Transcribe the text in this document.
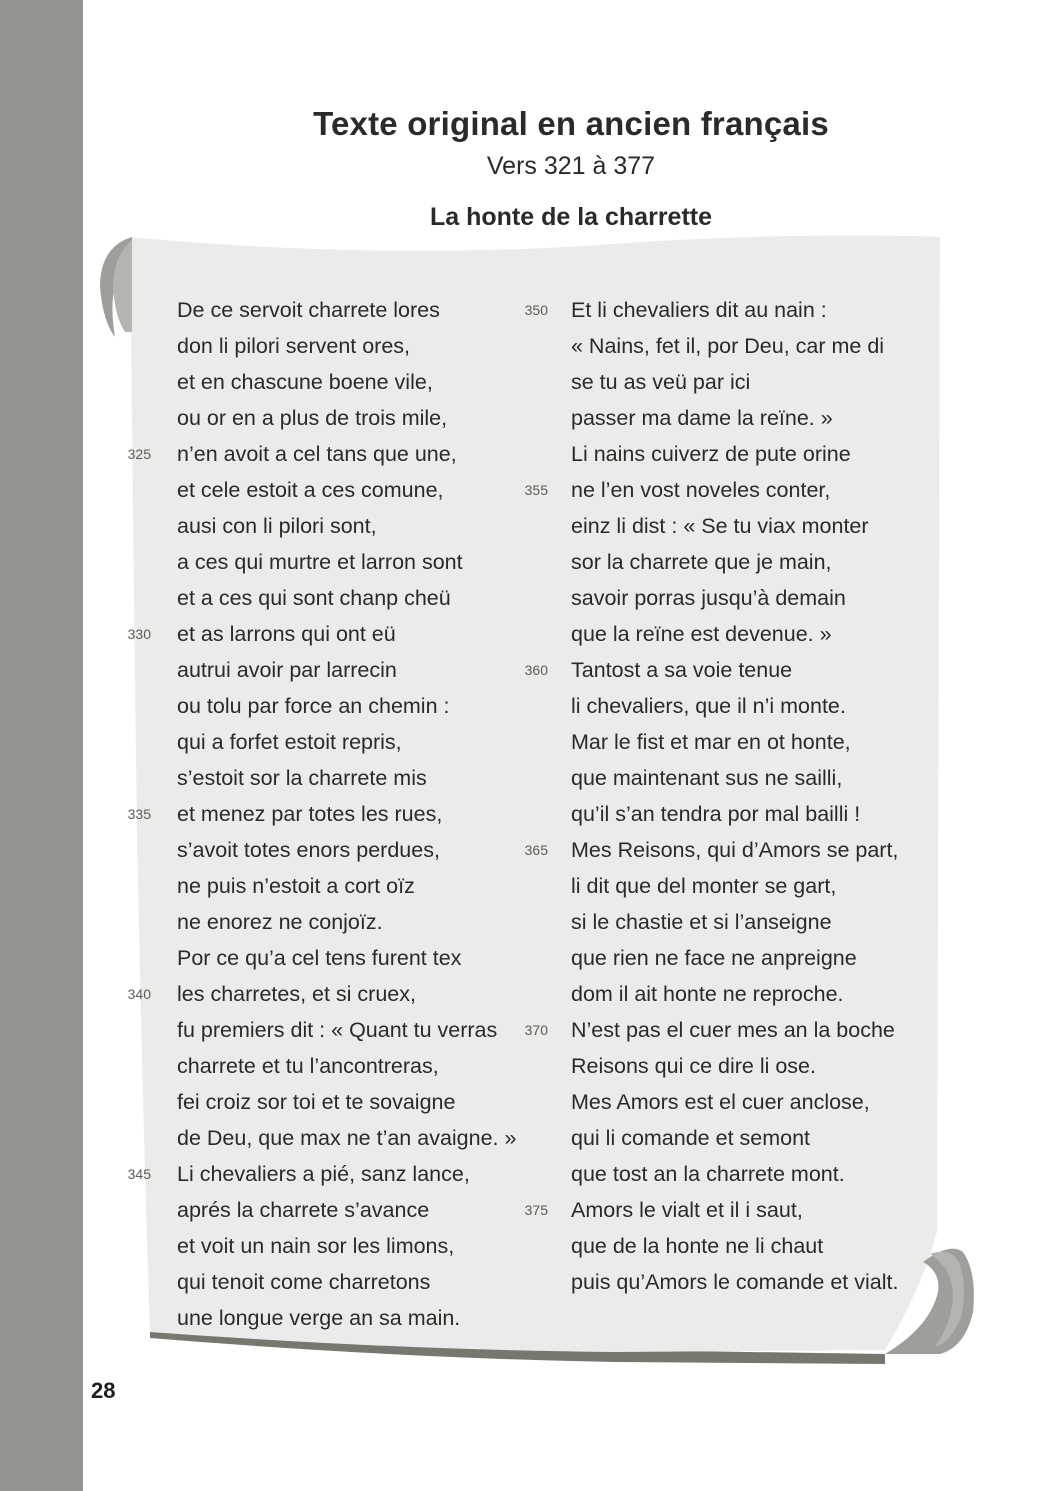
Texte original en ancien français
Vers 321 à 377
La honte de la charrette
De ce servoit charrete lores
don li pilori servent ores,
et en chascune boene vile,
ou or en a plus de trois mile,
325 n’en avoit a cel tans que une,
et cele estoit a ces comune,
ausi con li pilori sont,
a ces qui murtre et larron sont
et a ces qui sont chanp cheü
330 et as larrons qui ont eü
autrui avoir par larrecin
ou tolu par force an chemin :
qui a forfet estoit repris,
s’estoit sor la charrete mis
335 et menez par totes les rues,
s’avoit totes enors perdues,
ne puis n’estoit a cort oïz
ne enorez ne conjoïz.
Por ce qu’a cel tens furent tex
340 les charretes, et si cruex,
fu premiers dit : « Quant tu verras
charrete et tu l’ancontreras,
fei croiz sor toi et te sovaigne
de Deu, que max ne t’an avaigne. »
345 Li chevaliers a pié, sanz lance,
aprés la charrete s’avance
et voit un nain sor les limons,
qui tenoit come charretons
une longue verge an sa main.
350 Et li chevaliers dit au nain :
« Nains, fet il, por Deu, car me di
se tu as veü par ici
passer ma dame la reïne. »
Li nains cuiverz de pute orine
355 ne l’en vost noveles conter,
einz li dist : « Se tu viax monter
sor la charrete que je main,
savoir porras jusqu’à demain
que la reïne est devenue. »
360 Tantost a sa voie tenue
li chevaliers, que il n’i monte.
Mar le fist et mar en ot honte,
que maintenant sus ne sailli,
qu’il s’an tendra por mal bailli !
365 Mes Reisons, qui d’Amors se part,
li dit que del monter se gart,
si le chastie et si l’anseigne
que rien ne face ne anpreigne
dom il ait honte ne reproche.
370 N’est pas el cuer mes an la boche
Reisons qui ce dire li ose.
Mes Amors est el cuer anclose,
qui li comande et semont
que tost an la charrete mont.
375 Amors le vialt et il i saut,
que de la honte ne li chaut
puis qu’Amors le comande et vialt.
28
